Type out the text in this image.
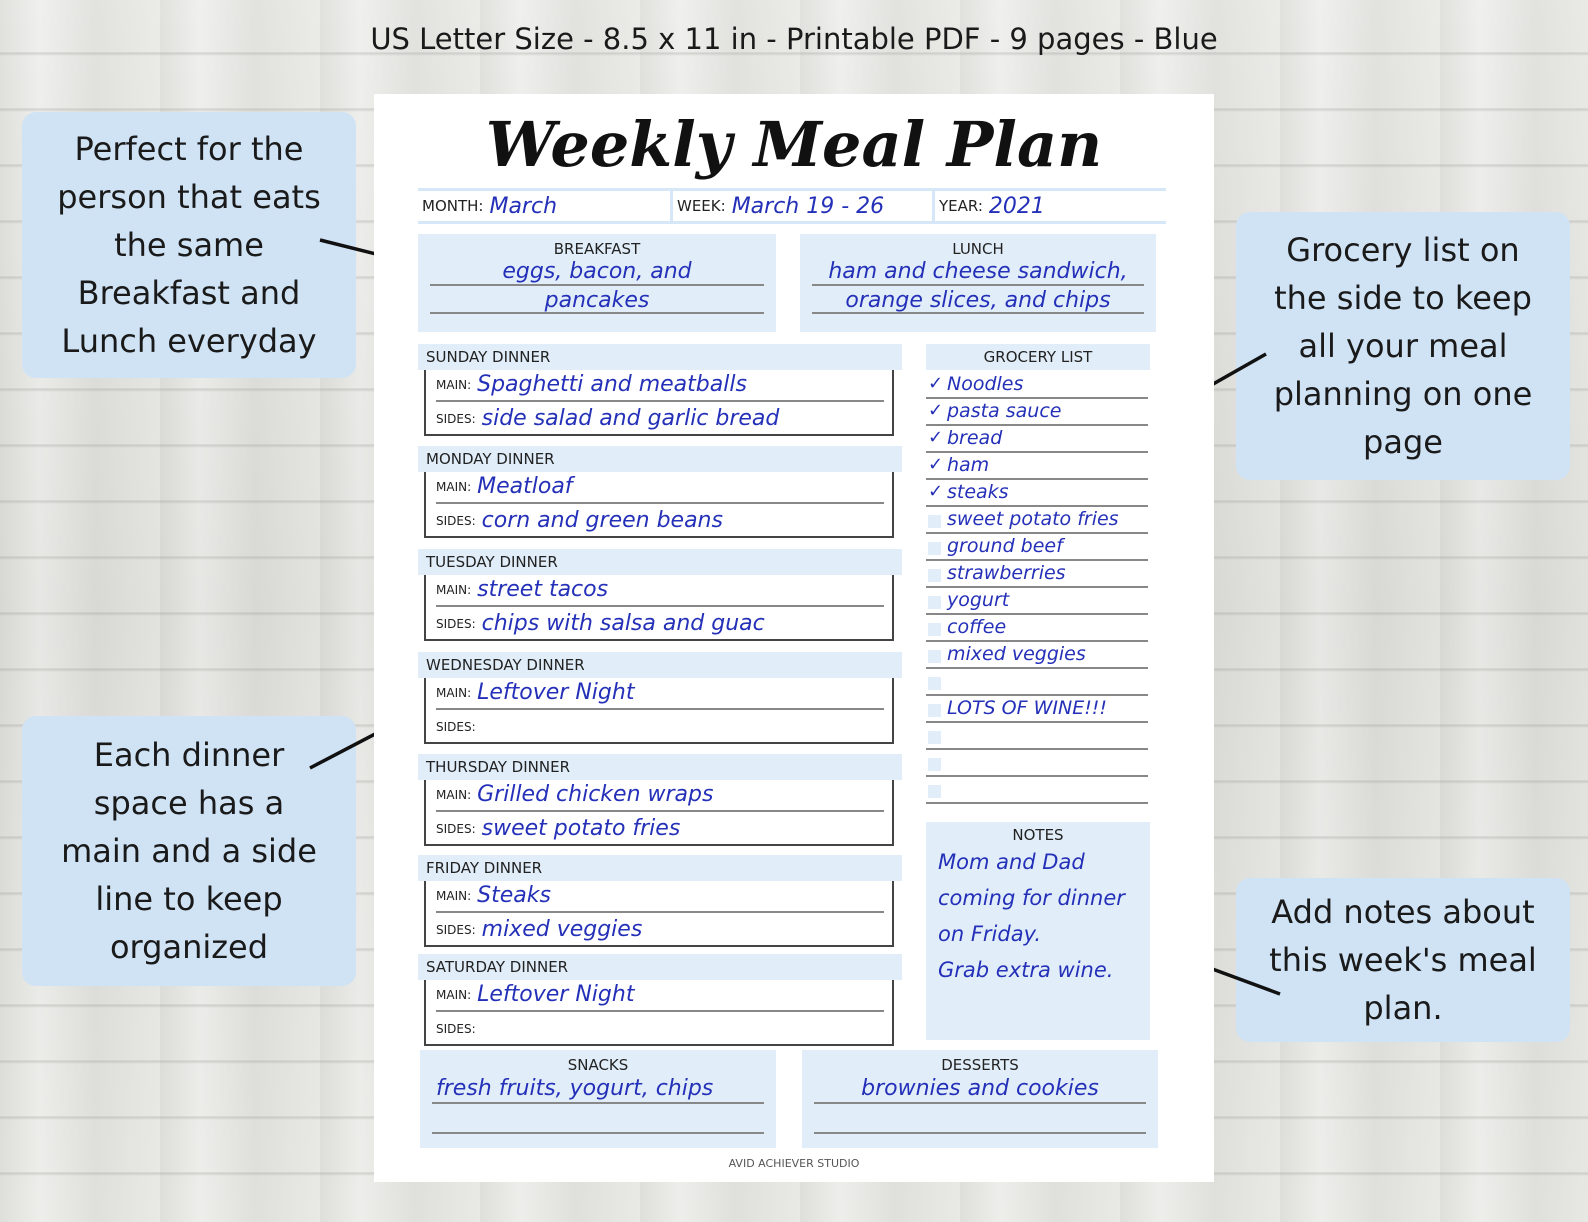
US Letter Size - 8.5 x 11 in - Printable PDF - 9 pages - Blue
Perfect for the
person that eats
the same
Breakfast and
Lunch everyday
Each dinner
space has a
main and a side
line to keep
organized
Grocery list on
the side to keep
all your meal
planning on one
page
Add notes about
this week's meal
plan.
Weekly Meal Plan
MONTH: March	WEEK: March 19 - 26	YEAR: 2021
BREAKFAST
eggs, bacon, and
pancakes
LUNCH
ham and cheese sandwich,
orange slices, and chips
SUNDAY DINNER
MAIN: Spaghetti and meatballs
SIDES: side salad and garlic bread
MONDAY DINNER
MAIN: Meatloaf
SIDES: corn and green beans
TUESDAY DINNER
MAIN: street tacos
SIDES: chips with salsa and guac
WEDNESDAY DINNER
MAIN: Leftover Night
SIDES:
THURSDAY DINNER
MAIN: Grilled chicken wraps
SIDES: sweet potato fries
FRIDAY DINNER
MAIN: Steaks
SIDES: mixed veggies
SATURDAY DINNER
MAIN: Leftover Night
SIDES:
GROCERY LIST
✓ Noodles
✓ pasta sauce
✓ bread
✓ ham
✓ steaks
sweet potato fries
ground beef
strawberries
yogurt
coffee
mixed veggies
LOTS OF WINE!!!
NOTES
Mom and Dad
coming for dinner
on Friday.
Grab extra wine.
SNACKS
fresh fruits, yogurt, chips
DESSERTS
brownies and cookies
AVID ACHIEVER STUDIO
